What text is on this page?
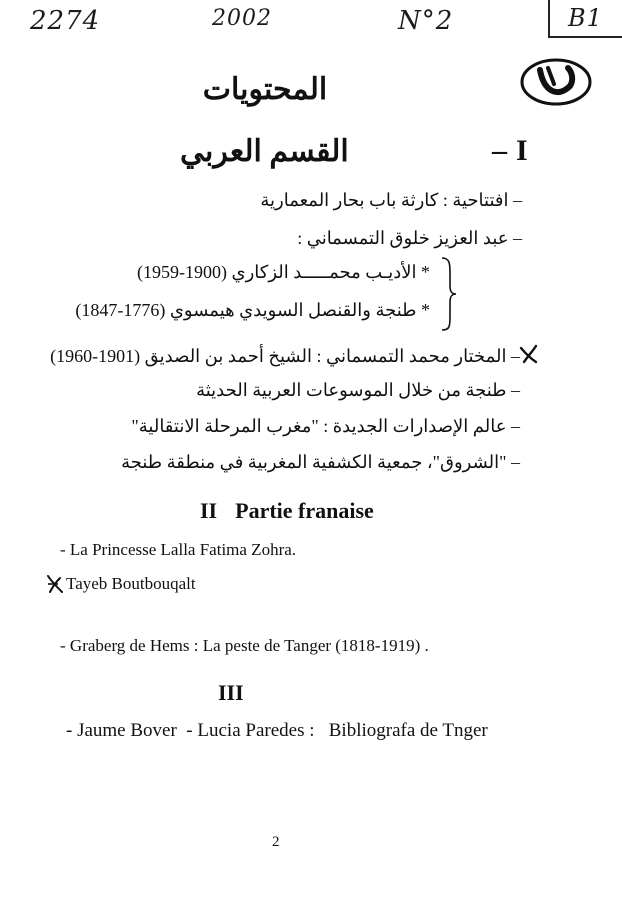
2274	2002	N°2	B1
المحتويات
القسم العربي	– I
– افتتاحية : كارثة باب بحار المعمارية
– عبد العزيز خلوق التمسماني :
* الأديـب محمـــــد الزكاري (1900-1959)
* طنجة والقنصل السويدي هيمسوي (1776-1847)
– المختار محمد التمسماني : الشيخ أحمد بن الصديق (1901-1960)
– طنجة من خلال الموسوعات العربية الحديثة
– عالم الإصدارات الجديدة : "مغرب المرحلة الانتقالية"
– "الشروق"، جمعية الكشفية المغربية في منطقة طنجة
II Partie franaise
- La Princesse Lalla Fatima Zohra.
Tayeb Boutbouqalt
- Graberg de Hems : La peste de Tanger (1818-1919) .
III
- Jaume Bover  - Lucia Paredes :   Bibliografa de Tnger
2
